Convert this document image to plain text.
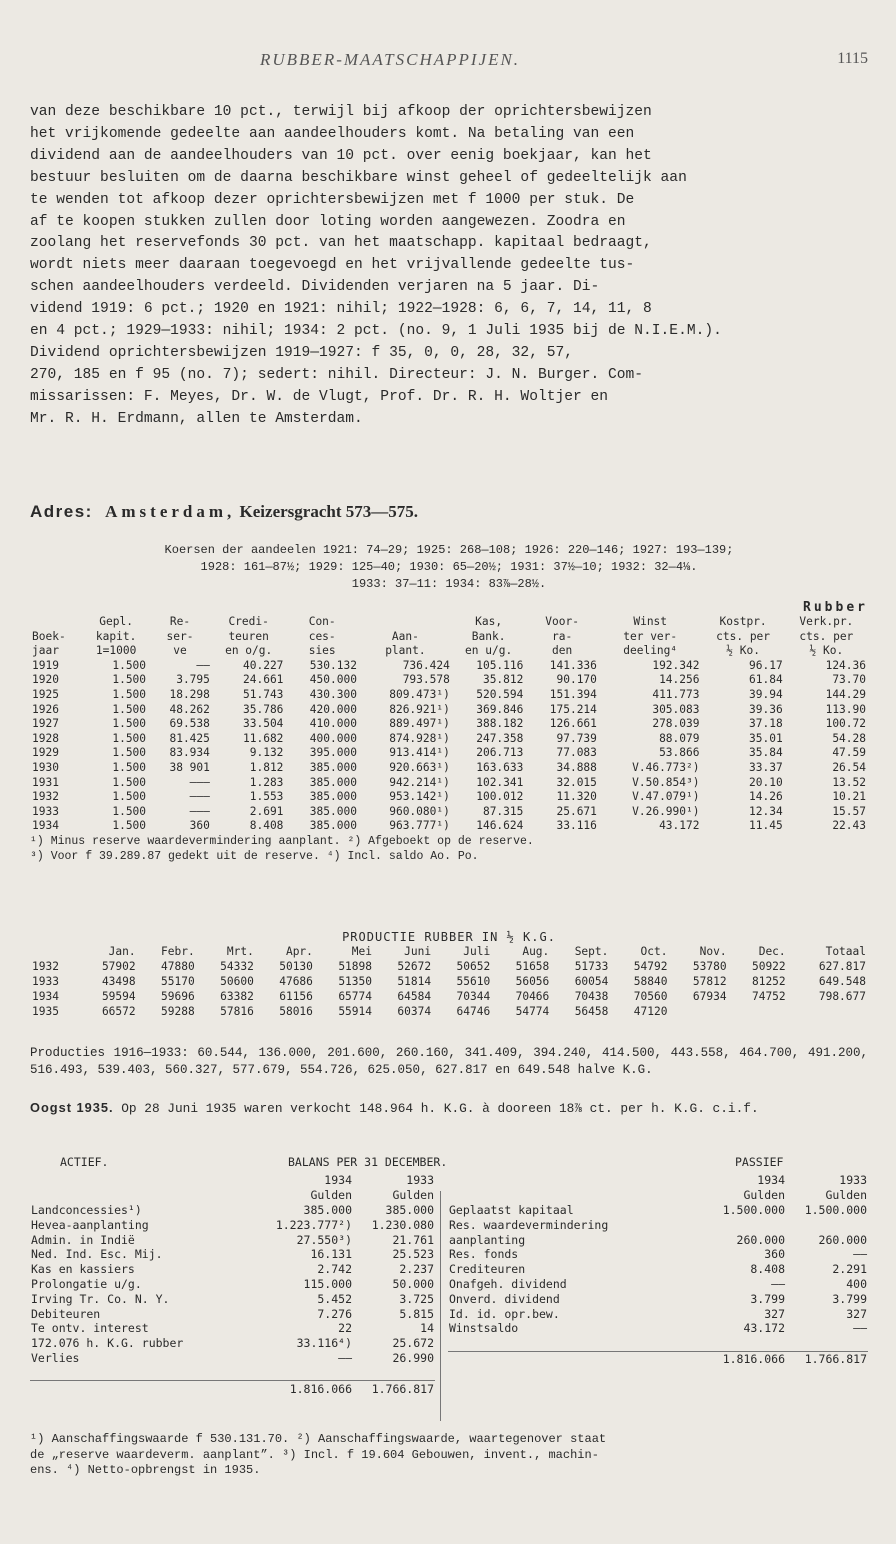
RUBBER-MAATSCHAPPIJEN.	1115
van deze beschikbare 10 pct., terwijl bij afkoop der oprichtersbewijzen
het vrijkomende gedeelte aan aandeelhouders komt. Na betaling van een
dividend aan de aandeelhouders van 10 pct. over eenig boekjaar, kan het
bestuur besluiten om de daarna beschikbare winst geheel of gedeeltelijk aan
te wenden tot afkoop dezer oprichtersbewijzen met f 1000 per stuk. De
af te koopen stukken zullen door loting worden aangewezen. Zoodra en
zoolang het reservefonds 30 pct. van het maatschapp. kapitaal bedraagt,
wordt niets meer daaraan toegevoegd en het vrijvallende gedeelte tus-
schen aandeelhouders verdeeld. Dividenden verjaren na 5 jaar. Di-
vidend 1919: 6 pct.; 1920 en 1921: nihil; 1922—1928: 6, 6, 7, 14, 11, 8
en 4 pct.; 1929—1933: nihil; 1934: 2 pct. (no. 9, 1 Juli 1935 bij de N.I.E.M.).
Dividend oprichtersbewijzen 1919—1927: f 35, 0, 0, 28, 32, 57,
270, 185 en f 95 (no. 7); sedert: nihil. Directeur: J. N. Burger. Com-
missarissen: F. Meyes, Dr. W. de Vlugt, Prof. Dr. R. H. Woltjer en
Mr. R. H. Erdmann, allen te Amsterdam.
Adres: Amsterdam, Keizersgracht 573—575.
Koersen der aandeelen 1921: 74—29; 1925: 268—108; 1926: 220—146; 1927: 193—139;
1928: 161—87½; 1929: 125—40; 1930: 65—20½; 1931: 37½—10; 1932: 32—4⅛.
1933: 37—11: 1934: 83⅞—28½.
Rubber
	Gepl.	Re-	Credi-	Con-		Kas,	Voor-	Winst	Kostpr.	Verk.pr.
Boek-	kapit.	ser-	teuren	ces-	Aan-	Bank.	ra-	ter ver-	cts. per	cts. per
jaar	1=1000	ve	en o/g.	sies	plant.	en u/g.	den	deeling⁴	½ Ko.	½ Ko.
1919	1.500	——	40.227	530.132	736.424	105.116	141.336	192.342	96.17	124.36
1920	1.500	3.795	24.661	450.000	793.578	35.812	90.170	14.256	61.84	73.70
1925	1.500	18.298	51.743	430.300	809.473¹)	520.594	151.394	411.773	39.94	144.29
1926	1.500	48.262	35.786	420.000	826.921¹)	369.846	175.214	305.083	39.36	113.90
1927	1.500	69.538	33.504	410.000	889.497¹)	388.182	126.661	278.039	37.18	100.72
1928	1.500	81.425	11.682	400.000	874.928¹)	247.358	97.739	88.079	35.01	54.28
1929	1.500	83.934	9.132	395.000	913.414¹)	206.713	77.083	53.866	35.84	47.59
1930	1.500	38 901	1.812	385.000	920.663¹)	163.633	34.888	V.46.773²)	33.37	26.54
1931	1.500	———	1.283	385.000	942.214¹)	102.341	32.015	V.50.854³)	20.10	13.52
1932	1.500	———	1.553	385.000	953.142¹)	100.012	11.320	V.47.079¹)	14.26	10.21
1933	1.500	———	2.691	385.000	960.080¹)	87.315	25.671	V.26.990¹)	12.34	15.57
1934	1.500	360	8.408	385.000	963.777¹)	146.624	33.116	43.172	11.45	22.43
¹) Minus reserve waardevermindering aanplant. ²) Afgeboekt op de reserve.
³) Voor f 39.289.87 gedekt uit de reserve. ⁴) Incl. saldo Ao. Po.
PRODUCTIE RUBBER IN ½ K.G.
	Jan.	Febr.	Mrt.	Apr.	Mei	Juni	Juli	Aug.	Sept.	Oct.	Nov.	Dec.	Totaal
1932	57902	47880	54332	50130	51898	52672	50652	51658	51733	54792	53780	50922	627.817
1933	43498	55170	50600	47686	51350	51814	55610	56056	60054	58840	57812	81252	649.548
1934	59594	59696	63382	61156	65774	64584	70344	70466	70438	70560	67934	74752	798.677
1935	66572	59288	57816	58016	55914	60374	64746	54774	56458	47120			
Producties 1916—1933: 60.544, 136.000, 201.600, 260.160, 341.409, 394.240, 414.500, 443.558, 464.700, 491.200, 516.493, 539.403, 560.327, 577.679, 554.726, 625.050, 627.817 en 649.548 halve K.G.
Oogst 1935. Op 28 Juni 1935 waren verkocht 148.964 h. K.G. à dooreen 18⅞ ct. per h. K.G. c.i.f.
ACTIEF.	BALANS PER 31 DECEMBER.	PASSIEF
	1934	1933
	Gulden	Gulden
Landconcessies¹)	385.000	385.000
Hevea-aanplanting	1.223.777²)	1.230.080
Admin. in Indië	27.550³)	21.761
Ned. Ind. Esc. Mij.	16.131	25.523
Kas en kassiers	2.742	2.237
Prolongatie u/g.	115.000	50.000
Irving Tr. Co. N. Y.	5.452	3.725
Debiteuren	7.276	5.815
Te ontv. interest	22	14
172.076 h. K.G. rubber	33.116⁴)	25.672
Verlies	——	26.990

	1.816.066	1.766.817
	1934	1933
	Gulden	Gulden
Geplaatst kapitaal	1.500.000	1.500.000
Res. waardevermindering		
aanplanting	260.000	260.000
Res. fonds	360	——
Crediteuren	8.408	2.291
Onafgeh. dividend	——	400
Onverd. dividend	3.799	3.799
Id. id. opr.bew.	327	327
Winstsaldo	43.172	——

	1.816.066	1.766.817
¹) Aanschaffingswaarde f 530.131.70. ²) Aanschaffingswaarde, waartegenover staat
de „reserve waardeverm. aanplant”. ³) Incl. f 19.604 Gebouwen, invent., machin-
ens. ⁴) Netto-opbrengst in 1935.
